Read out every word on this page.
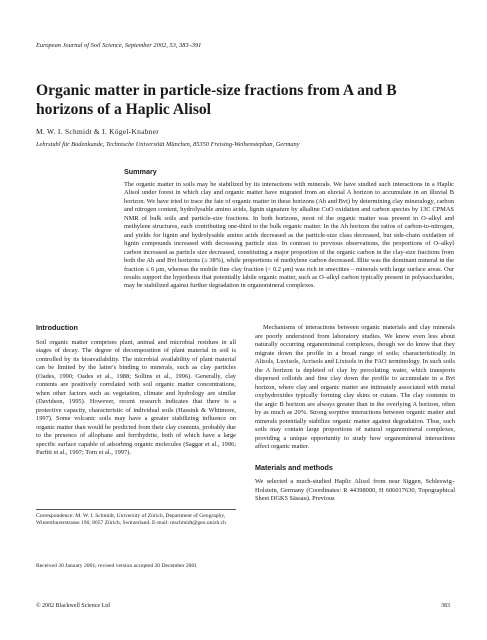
European Journal of Soil Science, September 2002, 53, 383–391
Organic matter in particle-size fractions from A and B horizons of a Haplic Alisol
M. W. I. Schmidt & I. Kögel-Knabner
Lehrstuhl für Bodenkunde, Technische Universität München, 85350 Freising-Weihenstephan, Germany
Summary

The organic matter in soils may be stabilized by its interactions with minerals. We have studied such interactions in a Haplic Alisol under forest in which clay and organic matter have migrated from an eluvial A horizon to accumulate in an illuvial B horizon. We have tried to trace the fate of organic matter in these horizons (Ah and Bvt) by determining clay mineralogy, carbon and nitrogen content, hydrolysable amino acids, lignin signature by alkaline CuO oxidation and carbon species by 13C CPMAS NMR of bulk soils and particle-size fractions. In both horizons, most of the organic matter was present in O–alkyl and methylene structures, each contributing one-third to the bulk organic matter. In the Ah horizon the ratios of carbon-to-nitrogen, and yields for lignin and hydrolysable amino acids decreased as the particle-size class decreased, but side-chain oxidation of lignin compounds increased with decreasing particle size. In contrast to previous observations, the proportions of O–alkyl carbon increased as particle size decreased, constituting a major proportion of the organic carbon in the clay-size fractions from both the Ah and Bvt horizons (≥ 38%), while proportions of methylene carbon decreased. Illite was the dominant mineral in the fraction ≤ 6 μm, whereas the mobile fine clay fraction (< 0.2 μm) was rich in smectites – minerals with large surface areas. Our results support the hypothesis that potentially labile organic matter, such as O–alkyl carbon typically present in polysaccharides, may be stabilized against further degradation in organomineral complexes.

Introduction

Soil organic matter comprises plant, animal and microbial residues in all stages of decay. The degree of decomposition of plant material in soil is controlled by its bioavailability. The microbial availability of plant material can be limited by the latter's binding to minerals, such as clay particles (Oades, 1990; Oades et al., 1988; Sollins et al., 1996). Generally, clay contents are positively correlated with soil organic matter concentrations, when other factors such as vegetation, climate and hydrology are similar (Davidson, 1995). However, recent research indicates that there is a protective capacity, characteristic of individual soils (Hassink & Whitmore, 1997). Some volcanic soils may have a greater stabilizing influence on organic matter than would be predicted from their clay contents, probably due to the presence of allophane and ferrihydrite, both of which have a large specific surface capable of adsorbing organic molecules (Saggar et al., 1996; Parfitt et al., 1997; Torn et al., 1997).

Mechanisms of interactions between organic materials and clay minerals are poorly understood from laboratory studies. We know even less about naturally occurring organomineral complexes, though we do know that they migrate down the profile in a broad range of soils; characteristically in Alisols, Luvisols, Acrisols and Lixisols in the FAO terminology. In such soils the A horizon is depleted of clay by percolating water, which transports dispersed colloids and fine clay down the profile to accumulate in a Bvt horizon, where clay and organic matter are intimately associated with metal oxyhydroxides typically forming clay skins or cutans. The clay contents in the argic B horizon are always greater than in the overlying A horizon, often by as much as 20%. Strong sorptive interactions between organic matter and minerals potentially stabilize organic matter against degradation. Thus, such soils may contain large proportions of natural organomineral complexes, providing a unique opportunity to study how organomineral interactions affect organic matter.

Materials and methods

We selected a much-studied Haplic Alisol from near Siggen, Schleswig–Holstein, Germany (Coordinates: R 44398000, H 606017630, Topographical Sheet DGK5 Sässau). Previous

Correspondence: M. W. I. Schmidt, University of Zürich, Department of Geography, Winterthurerstrasse 190, 8057 Zürich, Switzerland. E-mail: mschmidt@geo.unizh.ch
Received 30 January 2001; revised version accepted 20 December 2001
© 2002 Blackwell Science Ltd	383
